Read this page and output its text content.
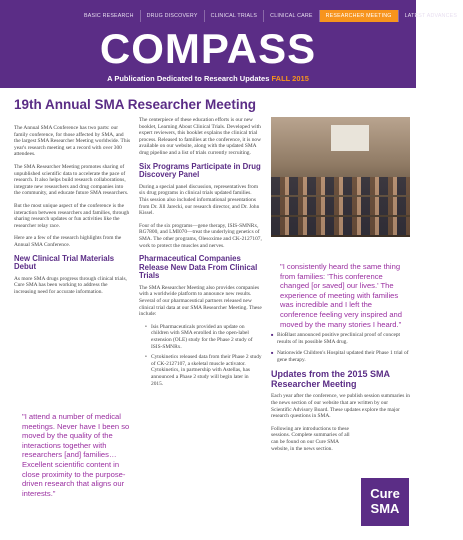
BASIC RESEARCH	DRUG DISCOVERY	CLINICAL TRIALS	CLINICAL CARE	RESEARCHER MEETING	LATEST ADVANCES
COMPASS
A Publication Dedicated to Research Updates FALL 2015
19th Annual SMA Researcher Meeting

The Annual SMA Conference has two parts: our family conference, for those affected by SMA, and the largest SMA Researcher Meeting worldwide. This year's research meeting set a record with over 300 attendees.

The SMA Researcher Meeting promotes sharing of unpublished scientific data to accelerate the pace of research. It also helps build research collaborations, integrate new researchers and drug companies into the community, and educate future SMA researchers.

But the most unique aspect of the conference is the interaction between researchers and families, through sharing research updates or fun activities like the researcher relay race.

Here are a few of the research highlights from the Annual SMA Conference.

New Clinical Trial Materials Debut

As more SMA drugs progress through clinical trials, Cure SMA has been working to address the increasing need for accurate information.

"I attend a number of medical meetings. Never have I been so moved by the quality of the interactions together with researchers [and] families…Excellent scientific content in close proximity to the purpose-driven research that aligns our interests."

The centerpiece of these education efforts is our new booklet, Learning About Clinical Trials. Developed with expert reviewers, this booklet explains the clinical trial process. Released to families at the conference, it is now available on our website, along with the updated SMA drug pipeline and a list of trials currently recruiting.

Six Programs Participate in Drug Discovery Panel

During a special panel discussion, representatives from six drug programs in clinical trials updated families. This session also included informational presentations from Dr. Jill Jarecki, our research director, and Dr. John Kissel.

Four of the six programs—gene therapy, ISIS-SMNRx, RG7800, and LMI070—treat the underlying genetics of SMA. The other programs, Olesoxime and CK-2127107, work to protect the muscles and nerves.

Pharmaceutical Companies Release New Data From Clinical Trials

The SMA Researcher Meeting also provides companies with a worldwide platform to announce new results. Several of our pharmaceutical partners released new clinical trial data at our SMA Researcher Meeting. These include:

• Isis Pharmaceuticals provided an update on children with SMA enrolled in the open-label extension (OLE) study for the Phase 2 study of ISIS-SMNRx.
• Cytokinetics released data from their Phase 2 study of CK-2127107, a skeletal muscle activator. Cytokinetics, in partnership with Astellas, has announced a Phase 2 study will begin later in 2015.
"I consistently heard the same thing from families: 'This conference changed [or saved] our lives.' The experience of meeting with families was incredible and I left the conference feeling very inspired and moved by the many stories I heard."
■ BioBlast announced positive preclinical proof of concept results of its possible SMA drug.
■ Nationwide Children's Hospital updated their Phase 1 trial of gene therapy.
Updates from the 2015 SMA Researcher Meeting

Each year after the conference, we publish session summaries in the news section of our website that are written by our Scientific Advisory Board. These updates explore the major research questions in SMA.

Following are introductions to these sessions. Complete summaries of all can be found on our Cure SMA website, in the news section.

Cure
SMA
